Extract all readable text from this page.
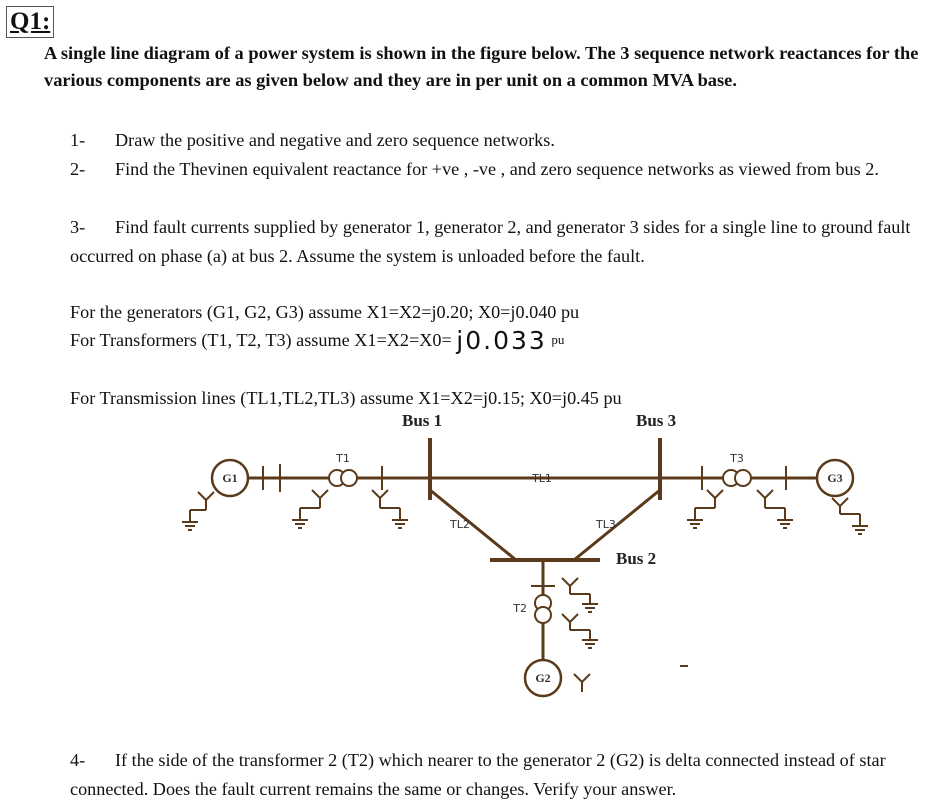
Q1:
A single line diagram of a power system is shown in the figure below. The 3 sequence network reactances for the various components are as given below and they are in per unit on a common MVA base.
1- Draw the positive and negative and zero sequence networks.
2- Find the Thevinen equivalent reactance for +ve , -ve , and zero sequence networks as viewed from bus 2.
3- Find fault currents supplied by generator 1, generator 2, and generator 3 sides for a single line to ground fault occurred on phase (a) at bus 2. Assume the system is unloaded before the fault.
For the generators (G1, G2, G3) assume X1=X2=j0.20; X0=j0.040 pu
For Transformers (T1, T2, T3) assume X1=X2=X0= j0.033 pu
For Transmission lines (TL1,TL2,TL3) assume X1=X2=j0.15; X0=j0.45 pu
G1	G3
G2
T1	T3
T2
Bus 1	Bus 3
Bus 2
TL1
TL2	TL3
4- If the side of the transformer 2 (T2) which nearer to the generator 2 (G2) is delta connected instead of star connected. Does the fault current remains the same or changes. Verify your answer.
